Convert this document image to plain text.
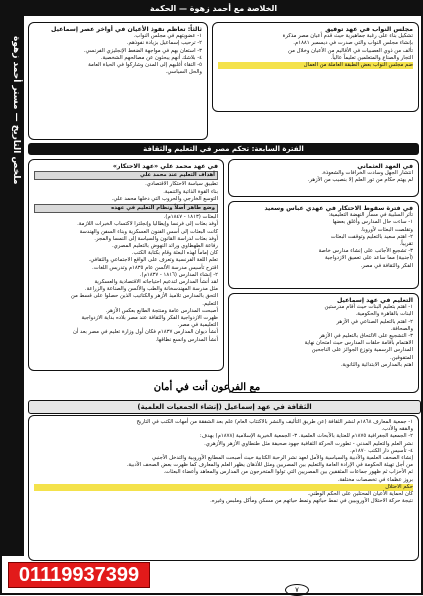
الخلاصة مع أحمد زهوة — الحكمة
ملخص التاريخ — مستر أحمد زهوة
ثالثاً: تعاظم نفوذ الأعيان في أواخر عصر إسماعيل
١- عضويتهم في مجلس النواب.
٢- ترحيب إسماعيل بزيادة نفوذهم.
٣- استعان بهم في مواجهة الضغط الإنجليزي الفرنسي.
٤- بلاشك أنهم يبحثون عن مصالحهم الشخصية.
٥- التقاء أغلبهم إلى المدن وشاركوا في الحياة العامة
والحل السياسي.
مجلس النواب في عهد توفيق
تشكيل بناء على رغبة جماهيرية حيث قدم أعيان مصر مذكرة
بإنشاء مجلس النواب والتي صدرت في ديسمبر ١٨٨١م.
تألف من ذوي العصبيات في الأقاليم من الأعيان وخلال من
التجار والصناع والمتعلمين تعليماً عالياً.
ضم مجلس النواب بعض الطبقة العاملة من العمال
الفترة السابعة: تحكم مصر في التعليم والثقافة
في عهد محمد علي «عهد الاحتكار»
أهداف التعليم عند محمد علي
تطبيق سياسة الاحتكار الاقتصادي.
بناء القوة الذاتية والتنمية.
التوسع الخارجي والحروب التي دخلها محمد علي.
وضع طاهر أصلاً ونظام التعليم في عهده
البعثات (١٨١٣ - ١٨٤٧م).
أوفد بعثات إلى فرنسا وإيطاليا وإنجلترا لاكتساب الخبرات اللازمة.
كانت البعثات إلى أسس الفنون العسكرية وبناء السفن والهندسة
أوفد بعثات لدراسة القانون والسياسة إلى النمسا والمجر.
رفاعة الطهطاوي ورائد النهوض بالتعليم المصري.
كان إماماً لهذه البعثة وقام بكتابة الكتب.
تعلم اللغة الفرنسية وتعرف على الواقع الاجتماعي والثقافي.
اقترح تأسيس مدرسة الألسن عام ١٨٣٥م وتدريس اللغات.
٢- إنشاء المدارس (١٨١٦ - ١٨٣٧م).
لقد أنشأ المدارس لتدعيم احتياجاته الاقتصادية والعسكرية
مثل مدرسة المهندسخانة والطب والألسن والصناعة والزراعة.
التحق بالمدارس تلاميذ الأزهر والكتاتيب الذين حصلوا على قسط من
التعليم.
أصبحت المدارس عامة ومنتجة الطابع بعكس الأزهر.
ظهرت الازدواجية الفكر والثقافة عند مصر بلاده بداية الازدواجية
التعليمية في مصر.
أنشأ ديوان المدارس ١٨٣٧م فكان أول وزارة تعليم في مصر بعد أن
أنشأ المدارس وانسع نطاقها.
في العهد العثماني
انتشار الجهل وسادت الخرافات والشعوذة.
لم يهتم حكام من تور العلم إلا بنصيب من الأزهر.
في فترة سقوط الاحتكار في عهدي عباس وسعيد
تأثر السلبية في مسار النهضة التعليمية:
١- ساءت حال المدارس وأغلق بعضها
وتقلصت البعثات لأوروبا.
٢- اهتم سعيد بالتعليم وتوقفت البعثات
تقريباً.
٣- تشجيع الأجانب على إنشاء مدارس خاصة
(أجنبية) مما ساعد على تعميق الازدواجية
الفكر والثقافة في مصر.
التعليم في عهد إسماعيل
١- اهتم بتعليم البنات حيث أقام مدرستين
البنات بالقاهرة والحكومية.
٢- اهتم بالتعليم الصناعي في الأزهر
والصحافة.
٣- التشجيع على الالتحاق بالتعليم في الأزهر
الاهتمام بأقامة حلقات المدارس حيث امتحان نهاية
المدارس الرسمية وتوزع الجوائز على الناجحين
المتفوقين.
اهتم بالمدارس الابتدائية والثانوية.
مع الفرعون أنت في أمان
الثقافة في عهد إسماعيل (إنشاء الجمعيات العلمية)
١- جمعية المعارف ١٨٦٨م لنشر الثقافة (عن طريق التأليف والنشر بالاكتتاب العام) علم بعد الشفقة من أمهات الكتب في التاريخ
والفقه والأدب.
٢- الجمعية الجغرافية ١٨٧٥م للعناية بالأبحاث العلمية. ٣- الجمعية الخيرية الإسلامية (١٨٧٨م) بهدف:
نشر العلم والتعليم المدني - تطورت الحركة الثقافية جهود صحيفة مثل طنطاوي الأزهر والأزهري.
٤- تأسيس دار الكتب ١٨٧٠م.
إنشاء الصحف العلمية والأدبية والسياسية والأمل لعهد نشر الرحبة الكتابية حيث أصبحت المطابع الأوروبية والتدخل الأجنبي
من أجل تهيئة الحكومة في الإرادة العامة والتعليم بين المصريين ومثل للأذهان يظهر العلم والمعارف كما ظهرت بعض الصحف الأدبية.
ثم الأحزاب ثم ظهور جماعات المثقفين بين المصريين التي تولوا المتخرجون من المدارس والمعاهد وأعضاء البعثات.
بروز عظماء في تخصصات مختلفة.
حكم الاحتلال
كان لحماية الأعيان المحتلين على الحكم الوطني.
نتيجة حركة الاحتلال الأوروبيين في نمط حياتهم ونمط حياتهم من مسكن ومأكل وملبس وغيره.
01119937399
٧
